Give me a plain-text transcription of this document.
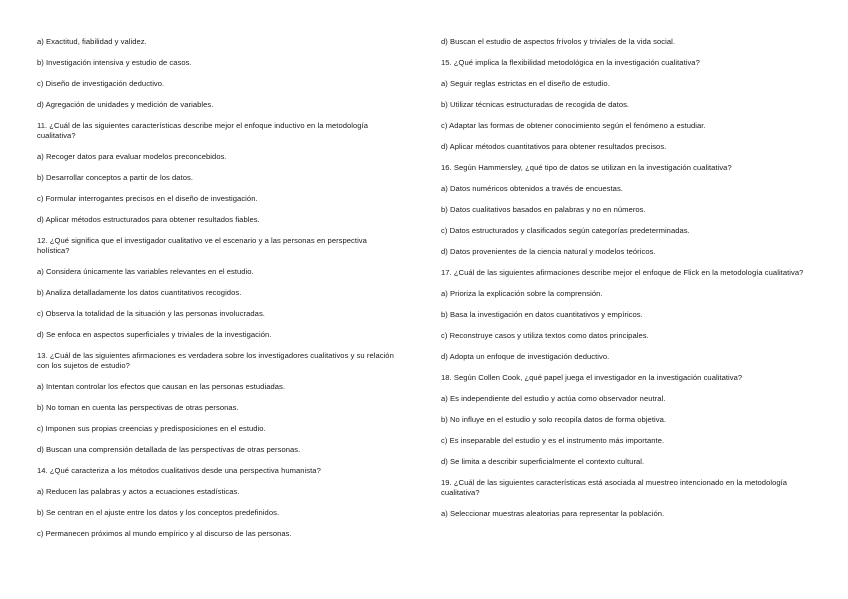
a) Exactitud, fiabilidad y validez.

b) Investigación intensiva y estudio de casos.

c) Diseño de investigación deductivo.

d) Agregación de unidades y medición de variables.

11. ¿Cuál de las siguientes características describe mejor el enfoque inductivo en la metodología cualitativa?

a) Recoger datos para evaluar modelos preconcebidos.

b) Desarrollar conceptos a partir de los datos.

c) Formular interrogantes precisos en el diseño de investigación.

d) Aplicar métodos estructurados para obtener resultados fiables.

12. ¿Qué significa que el investigador cualitativo ve el escenario y a las personas en perspectiva holística?

a) Considera únicamente las variables relevantes en el estudio.

b) Analiza detalladamente los datos cuantitativos recogidos.

c) Observa la totalidad de la situación y las personas involucradas.

d) Se enfoca en aspectos superficiales y triviales de la investigación.

13. ¿Cuál de las siguientes afirmaciones es verdadera sobre los investigadores cualitativos y su relación con los sujetos de estudio?

a) Intentan controlar los efectos que causan en las personas estudiadas.

b) No toman en cuenta las perspectivas de otras personas.

c) Imponen sus propias creencias y predisposiciones en el estudio.

d) Buscan una comprensión detallada de las perspectivas de otras personas.

14. ¿Qué caracteriza a los métodos cualitativos desde una perspectiva humanista?

a) Reducen las palabras y actos a ecuaciones estadísticas.

b) Se centran en el ajuste entre los datos y los conceptos predefinidos.

c) Permanecen próximos al mundo empírico y al discurso de las personas.

d) Buscan el estudio de aspectos frívolos y triviales de la vida social.

15. ¿Qué implica la flexibilidad metodológica en la investigación cualitativa?

a) Seguir reglas estrictas en el diseño de estudio.

b) Utilizar técnicas estructuradas de recogida de datos.

c) Adaptar las formas de obtener conocimiento según el fenómeno a estudiar.

d) Aplicar métodos cuantitativos para obtener resultados precisos.

16. Según Hammersley, ¿qué tipo de datos se utilizan en la investigación cualitativa?

a) Datos numéricos obtenidos a través de encuestas.

b) Datos cualitativos basados en palabras y no en números.

c) Datos estructurados y clasificados según categorías predeterminadas.

d) Datos provenientes de la ciencia natural y modelos teóricos.

17. ¿Cuál de las siguientes afirmaciones describe mejor el enfoque de Flick en la metodología cualitativa?

a) Prioriza la explicación sobre la comprensión.

b) Basa la investigación en datos cuantitativos y empíricos.

c) Reconstruye casos y utiliza textos como datos principales.

d) Adopta un enfoque de investigación deductivo.

18. Según Collen Cook, ¿qué papel juega el investigador en la investigación cualitativa?

a) Es independiente del estudio y actúa como observador neutral.

b) No influye en el estudio y solo recopila datos de forma objetiva.

c) Es inseparable del estudio y es el instrumento más importante.

d) Se limita a describir superficialmente el contexto cultural.

19. ¿Cuál de las siguientes características está asociada al muestreo intencionado en la metodología cualitativa?

a) Seleccionar muestras aleatorias para representar la población.
